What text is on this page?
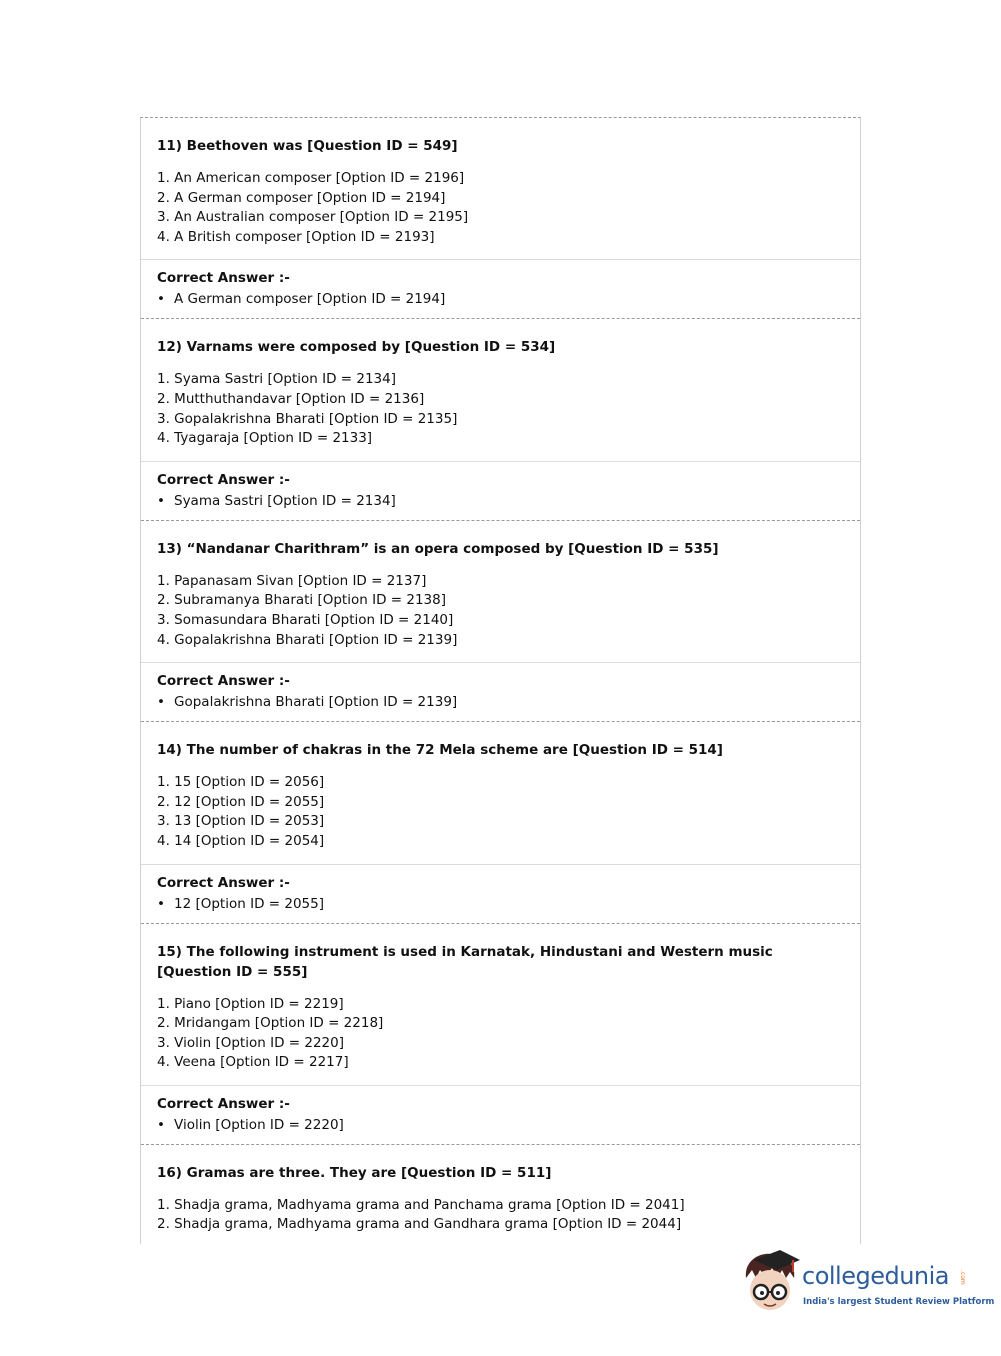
11) Beethoven was [Question ID = 549]
1. An American composer [Option ID = 2196]
2. A German composer [Option ID = 2194]
3. An Australian composer [Option ID = 2195]
4. A British composer [Option ID = 2193]
Correct Answer :-
• A German composer [Option ID = 2194]
12) Varnams were composed by [Question ID = 534]
1. Syama Sastri [Option ID = 2134]
2. Mutthuthandavar [Option ID = 2136]
3. Gopalakrishna Bharati [Option ID = 2135]
4. Tyagaraja [Option ID = 2133]
Correct Answer :-
• Syama Sastri [Option ID = 2134]
13) “Nandanar Charithram” is an opera composed by [Question ID = 535]
1. Papanasam Sivan [Option ID = 2137]
2. Subramanya Bharati [Option ID = 2138]
3. Somasundara Bharati [Option ID = 2140]
4. Gopalakrishna Bharati [Option ID = 2139]
Correct Answer :-
• Gopalakrishna Bharati [Option ID = 2139]
14) The number of chakras in the 72 Mela scheme are [Question ID = 514]
1. 15 [Option ID = 2056]
2. 12 [Option ID = 2055]
3. 13 [Option ID = 2053]
4. 14 [Option ID = 2054]
Correct Answer :-
• 12 [Option ID = 2055]
15) The following instrument is used in Karnatak, Hindustani and Western music [Question ID = 555]
1. Piano [Option ID = 2219]
2. Mridangam [Option ID = 2218]
3. Violin [Option ID = 2220]
4. Veena [Option ID = 2217]
Correct Answer :-
• Violin [Option ID = 2220]
16) Gramas are three. They are [Question ID = 511]
1. Shadja grama, Madhyama grama and Panchama grama [Option ID = 2041]
2. Shadja grama, Madhyama grama and Gandhara grama [Option ID = 2044]
collegedunia .com
India's largest Student Review Platform
